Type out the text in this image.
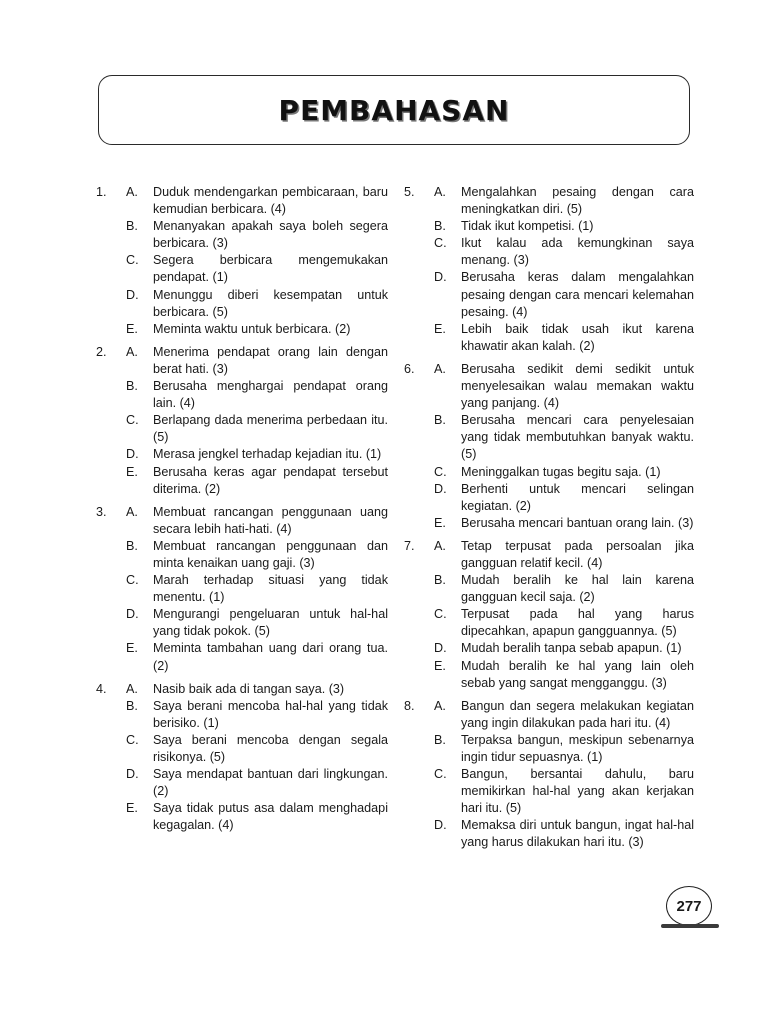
PEMBAHASAN
1.	A.	Duduk mendengarkan pembicaraan, baru kemudian berbicara. (4)
B.	Menanyakan apakah saya boleh segera berbicara. (3)
C.	Segera berbicara mengemukakan pendapat. (1)
D.	Menunggu diberi kesempatan untuk berbicara. (5)
E.	Meminta waktu untuk berbicara. (2)
2.	A.	Menerima pendapat orang lain dengan berat hati. (3)
B.	Berusaha menghargai pendapat orang lain. (4)
C.	Berlapang dada menerima perbedaan itu. (5)
D.	Merasa jengkel terhadap kejadian itu. (1)
E.	Berusaha keras agar pendapat tersebut diterima. (2)
3.	A.	Membuat rancangan penggunaan uang secara lebih hati-hati. (4)
B.	Membuat rancangan penggunaan dan minta kenaikan uang gaji. (3)
C.	Marah terhadap situasi yang tidak menentu. (1)
D.	Mengurangi pengeluaran untuk hal-hal yang tidak pokok. (5)
E.	Meminta tambahan uang dari orang tua. (2)
4.	A.	Nasib baik ada di tangan saya. (3)
B.	Saya berani mencoba hal-hal yang tidak berisiko. (1)
C.	Saya berani mencoba dengan segala risikonya. (5)
D.	Saya mendapat bantuan dari lingkungan. (2)
E.	Saya tidak putus asa dalam menghadapi kegagalan. (4)
5.	A.	Mengalahkan pesaing dengan cara meningkatkan diri. (5)
B.	Tidak ikut kompetisi. (1)
C.	Ikut kalau ada kemungkinan saya menang. (3)
D.	Berusaha keras dalam mengalahkan pesaing dengan cara mencari kelemahan pesaing. (4)
E.	Lebih baik tidak usah ikut karena khawatir akan kalah. (2)
6.	A.	Berusaha sedikit demi sedikit untuk menyelesaikan walau memakan waktu yang panjang. (4)
B.	Berusaha mencari cara penyelesaian yang tidak membutuhkan banyak waktu. (5)
C.	Meninggalkan tugas begitu saja. (1)
D.	Berhenti untuk mencari selingan kegiatan. (2)
E.	Berusaha mencari bantuan orang lain. (3)
7.	A.	Tetap terpusat pada persoalan jika gangguan relatif kecil. (4)
B.	Mudah beralih ke hal lain karena gangguan kecil saja. (2)
C.	Terpusat pada hal yang harus dipecahkan, apapun gangguannya. (5)
D.	Mudah beralih tanpa sebab apapun. (1)
E.	Mudah beralih ke hal yang lain oleh sebab yang sangat mengganggu. (3)
8.	A.	Bangun dan segera melakukan kegiatan yang ingin dilakukan pada hari itu. (4)
B.	Terpaksa bangun, meskipun sebenarnya ingin tidur sepuasnya. (1)
C.	Bangun, bersantai dahulu, baru memikirkan hal-hal yang akan kerjakan hari itu. (5)
D.	Memaksa diri untuk bangun, ingat hal-hal yang harus dilakukan hari itu. (3)
277
